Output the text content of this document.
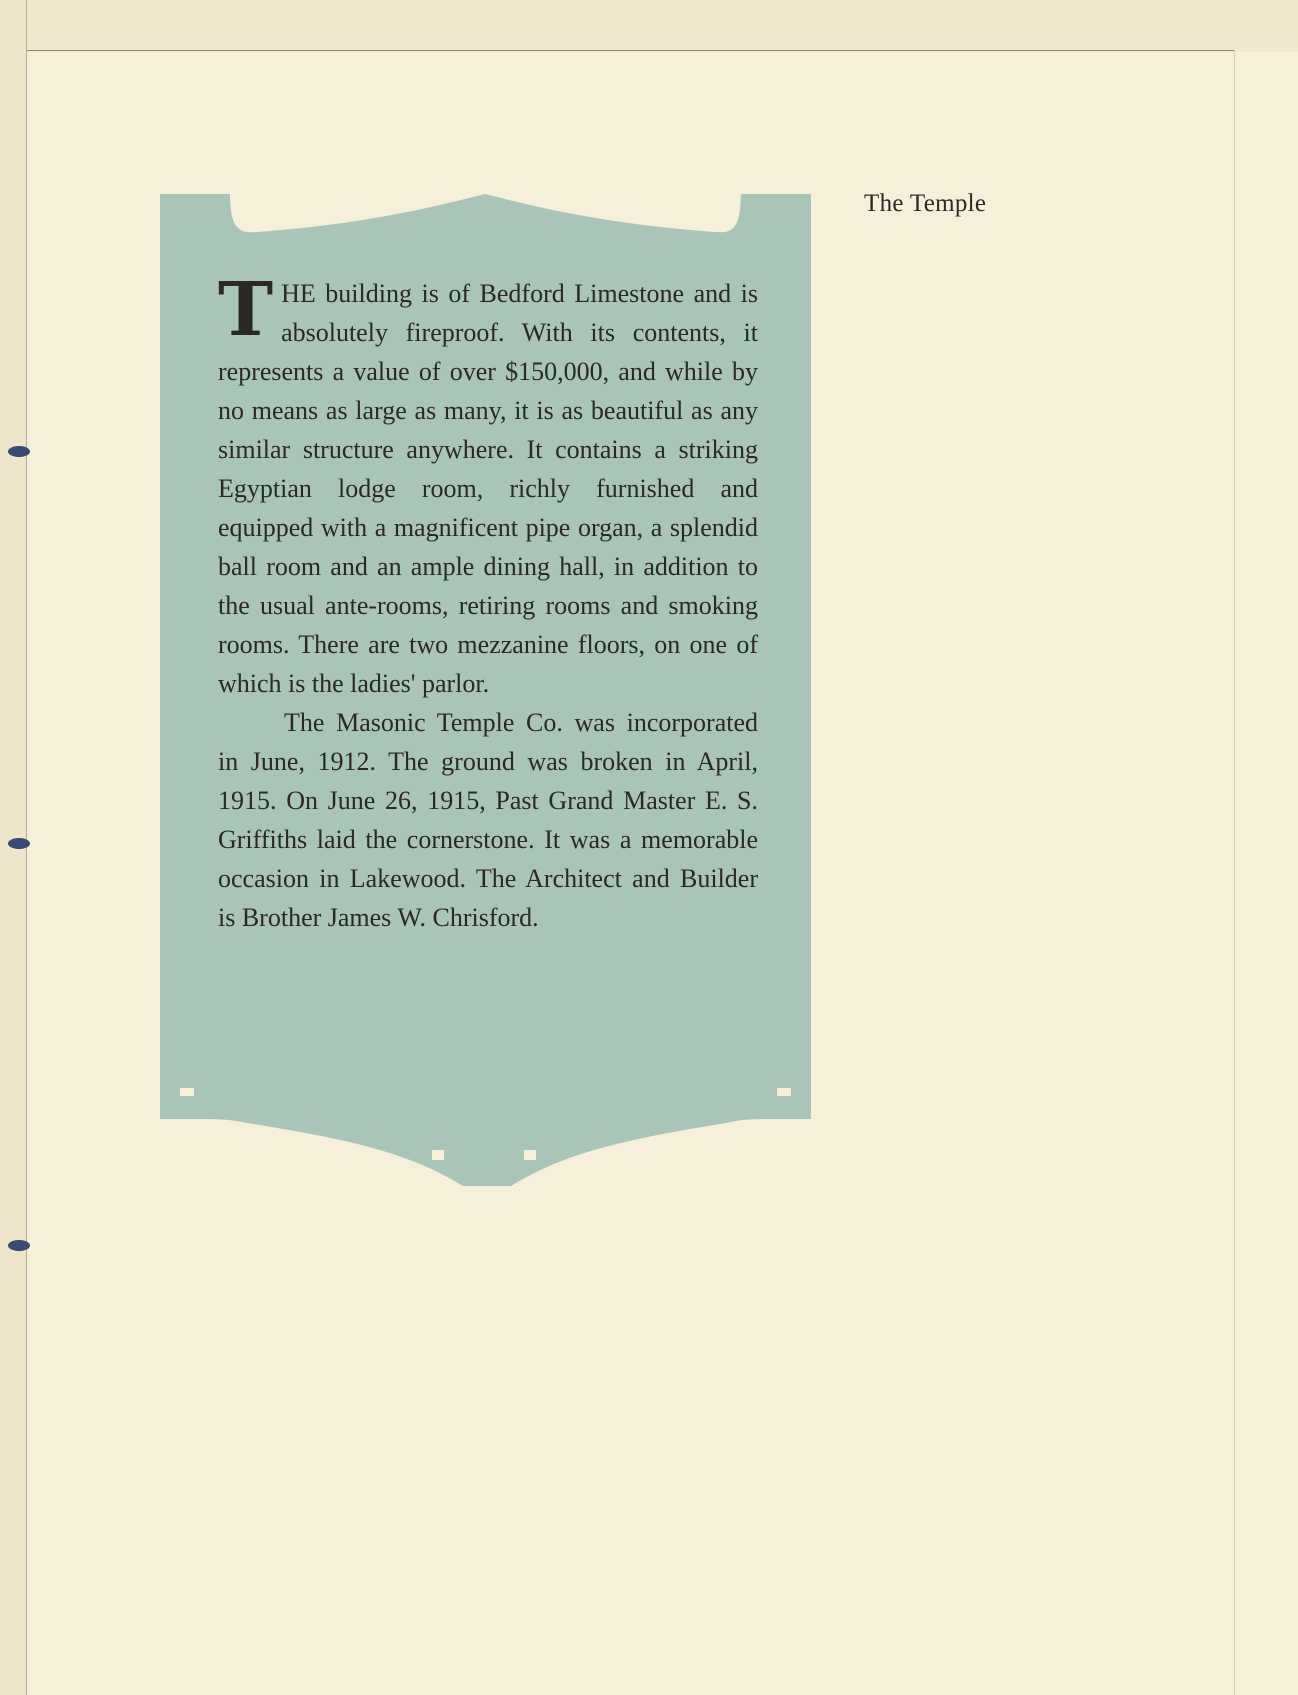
The Temple

THE building is of Bedford Limestone and is absolutely fireproof. With its contents, it represents a value of over $150,000, and while by no means as large as many, it is as beautiful as any similar structure anywhere. It contains a striking Egyptian lodge room, richly furnished and equipped with a magnificent pipe organ, a splendid ball room and an ample dining hall, in addition to the usual ante-rooms, retiring rooms and smoking rooms. There are two mezzanine floors, on one of which is the ladies' parlor.

The Masonic Temple Co. was incorporated in June, 1912. The ground was broken in April, 1915. On June 26, 1915, Past Grand Master E. S. Griffiths laid the cornerstone. It was a memorable occasion in Lakewood. The Architect and Builder is Brother James W. Chrisford.
